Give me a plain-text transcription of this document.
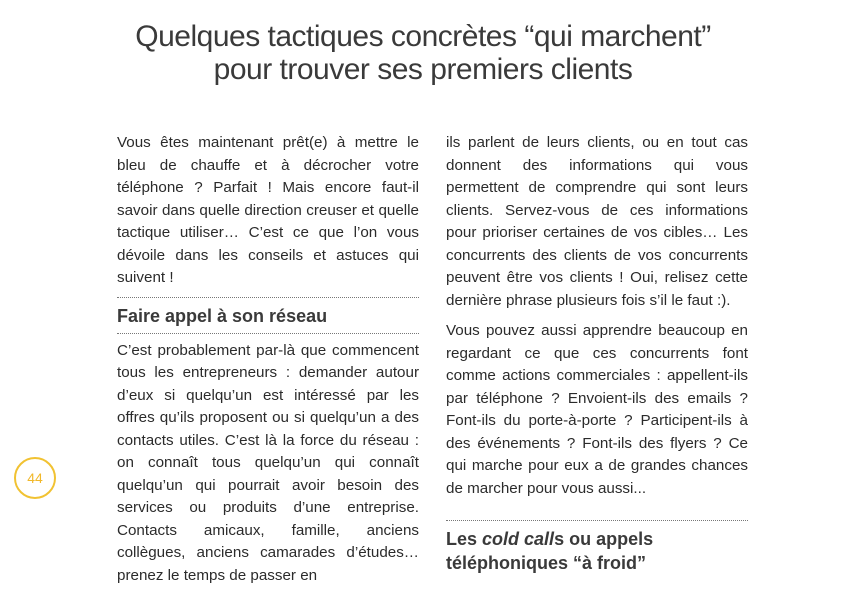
Quelques tactiques concrètes “qui marchent”
pour trouver ses premiers clients

Vous êtes maintenant prêt(e) à mettre le bleu de chauffe et à décrocher votre téléphone ? Parfait ! Mais encore faut-il savoir dans quelle direction creuser et quelle tactique utiliser… C’est ce que l’on vous dévoile dans les conseils et astuces qui suivent !

Faire appel à son réseau

C’est probablement par-là que commencent tous les entrepreneurs : demander autour d’eux si quelqu’un est intéressé par les offres qu’ils proposent ou si quelqu’un a des contacts utiles. C’est là la force du réseau : on connaît tous quelqu’un qui connaît quelqu’un qui pourrait avoir besoin des services ou produits d’une entreprise. Contacts amicaux, famille, anciens collègues, anciens camarades d’études… prenez le temps de passer en

ils parlent de leurs clients, ou en tout cas donnent des informations qui vous permettent de comprendre qui sont leurs clients. Servez-vous de ces informations pour prioriser certaines de vos cibles… Les concurrents des clients de vos concurrents peuvent être vos clients ! Oui, relisez cette dernière phrase plusieurs fois s’il le faut :).

Vous pouvez aussi apprendre beaucoup en regardant ce que ces concurrents font comme actions commerciales : appellent-ils par téléphone ? Envoient-ils des emails ? Font-ils du porte-à-porte ? Participent-ils à des événements ? Font-ils des flyers ? Ce qui marche pour eux a de grandes chances de marcher pour vous aussi...

Les cold calls ou appels téléphoniques “à froid”
44
